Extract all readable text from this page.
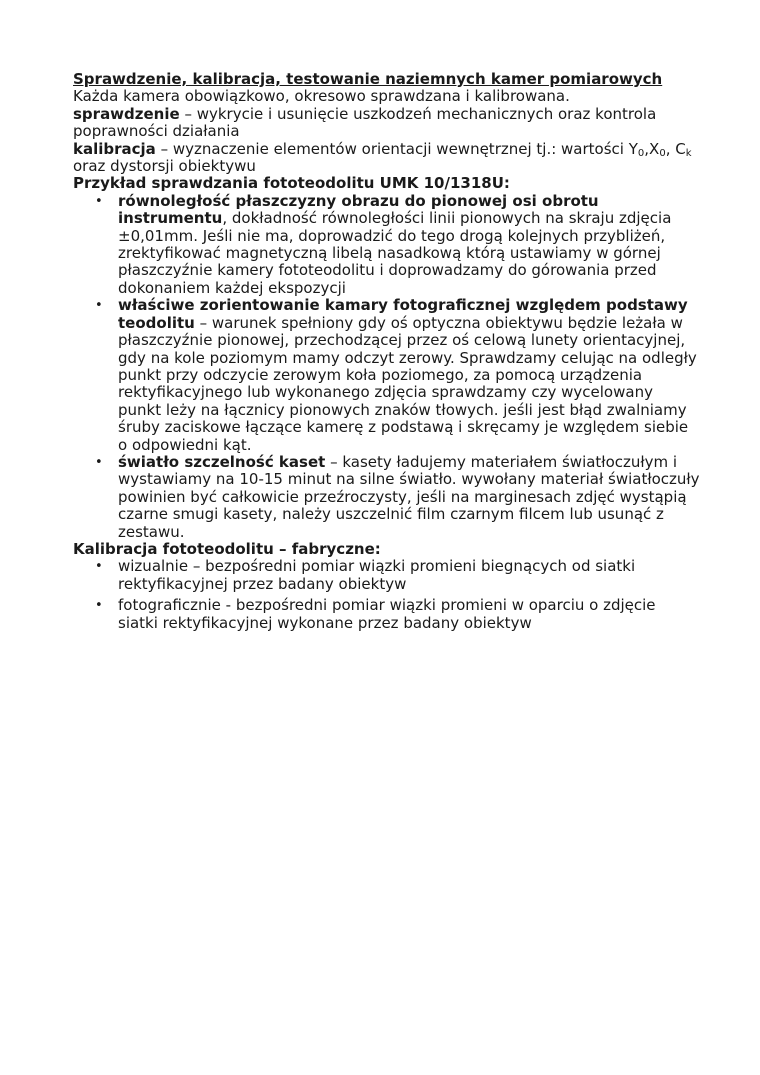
Sprawdzenie, kalibracja, testowanie naziemnych kamer pomiarowych

Każda kamera obowiązkowo, okresowo sprawdzana i kalibrowana.

sprawdzenie – wykrycie i usunięcie uszkodzeń mechanicznych oraz kontrola poprawności działania

kalibracja – wyznaczenie elementów orientacji wewnętrznej tj.: wartości $Y_0,X_0$, $C_k$ oraz dystorsji obiektywu

Przykład sprawdzania fototeodolitu UMK 10/1318U:

• równoległość płaszczyzny obrazu do pionowej osi obrotu instrumentu, dokładność równoległości linii pionowych na skraju zdjęcia ±0,01mm. Jeśli nie ma, doprowadzić do tego drogą kolejnych przybliżeń, zrektyfikować magnetyczną libelą nasadkową którą ustawiamy w górnej płaszczyźnie kamery fototeodolitu i doprowadzamy do górowania przed dokonaniem każdej ekspozycji
• właściwe zorientowanie kamary fotograficznej względem podstawy teodolitu – warunek spełniony gdy oś optyczna obiektywu będzie leżała w płaszczyźnie pionowej, przechodzącej przez oś celową lunety orientacyjnej, gdy na kole poziomym mamy odczyt zerowy. Sprawdzamy celując na odległy punkt przy odczycie zerowym koła poziomego, za pomocą urządzenia rektyfikacyjnego lub wykonanego zdjęcia sprawdzamy czy wycelowany punkt leży na łącznicy pionowych znaków tłowych. jeśli jest błąd zwalniamy śruby zaciskowe łączące kamerę z podstawą i skręcamy je względem siebie o odpowiedni kąt.
• światło szczelność kaset – kasety ładujemy materiałem światłoczułym i wystawiamy na 10-15 minut na silne światło. wywołany materiał światłoczuły powinien być całkowicie przeźroczysty, jeśli na marginesach zdjęć wystąpią czarne smugi kasety, należy uszczelnić film czarnym filcem lub usunąć z zestawu.

Kalibracja fototeodolitu – fabryczne:

• wizualnie – bezpośredni pomiar wiązki promieni biegnących od siatki rektyfikacyjnej przez badany obiektyw
• fotograficznie - bezpośredni pomiar wiązki promieni w oparciu o zdjęcie siatki rektyfikacyjnej wykonane przez badany obiektyw
